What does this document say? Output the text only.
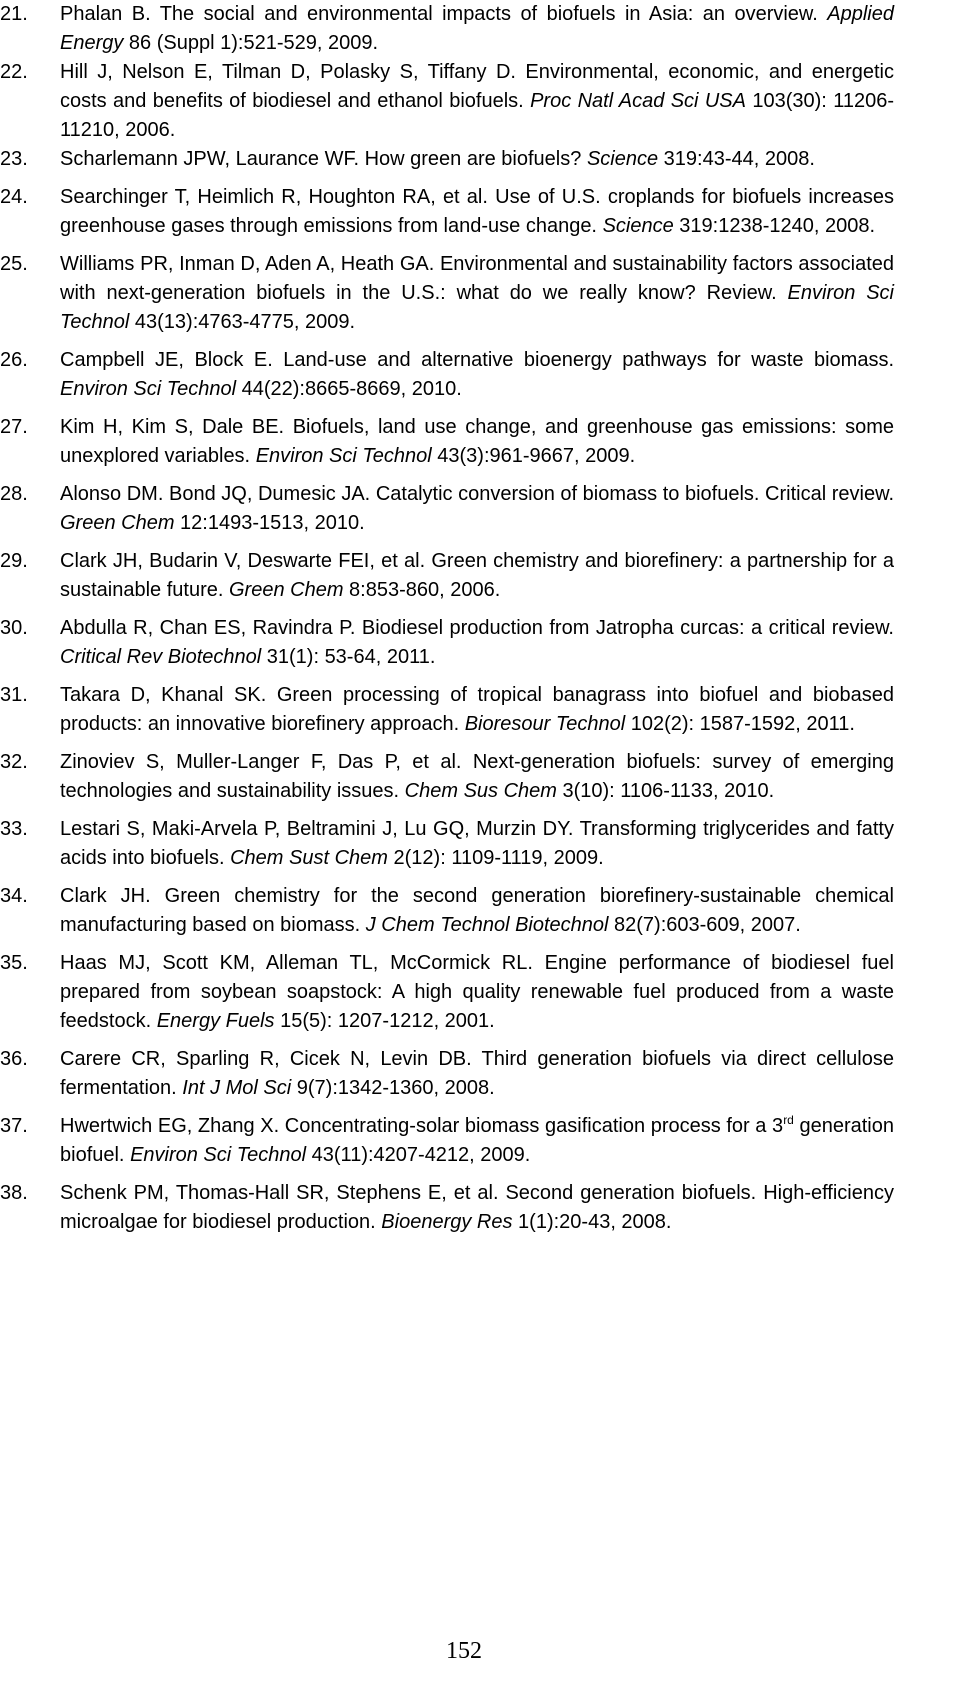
21. Phalan B. The social and environmental impacts of biofuels in Asia: an overview. Applied Energy 86 (Suppl 1):521-529, 2009.
22. Hill J, Nelson E, Tilman D, Polasky S, Tiffany D. Environmental, economic, and energetic costs and benefits of biodiesel and ethanol biofuels. Proc Natl Acad Sci USA 103(30): 11206-11210, 2006.
23. Scharlemann JPW, Laurance WF. How green are biofuels? Science 319:43-44, 2008.
24. Searchinger T, Heimlich R, Houghton RA, et al. Use of U.S. croplands for biofuels increases greenhouse gases through emissions from land-use change. Science 319:1238-1240, 2008.
25. Williams PR, Inman D, Aden A, Heath GA. Environmental and sustainability factors associated with next-generation biofuels in the U.S.: what do we really know? Review. Environ Sci Technol 43(13):4763-4775, 2009.
26. Campbell JE, Block E. Land-use and alternative bioenergy pathways for waste biomass. Environ Sci Technol 44(22):8665-8669, 2010.
27. Kim H, Kim S, Dale BE. Biofuels, land use change, and greenhouse gas emissions: some unexplored variables. Environ Sci Technol 43(3):961-9667, 2009.
28. Alonso DM. Bond JQ, Dumesic JA. Catalytic conversion of biomass to biofuels. Critical review. Green Chem 12:1493-1513, 2010.
29. Clark JH, Budarin V, Deswarte FEI, et al. Green chemistry and biorefinery: a partnership for a sustainable future. Green Chem 8:853-860, 2006.
30. Abdulla R, Chan ES, Ravindra P. Biodiesel production from Jatropha curcas: a critical review. Critical Rev Biotechnol 31(1): 53-64, 2011.
31. Takara D, Khanal SK. Green processing of tropical banagrass into biofuel and biobased products: an innovative biorefinery approach. Bioresour Technol 102(2): 1587-1592, 2011.
32. Zinoviev S, Muller-Langer F, Das P, et al. Next-generation biofuels: survey of emerging technologies and sustainability issues. Chem Sus Chem 3(10): 1106-1133, 2010.
33. Lestari S, Maki-Arvela P, Beltramini J, Lu GQ, Murzin DY. Transforming triglycerides and fatty acids into biofuels. Chem Sust Chem 2(12): 1109-1119, 2009.
34. Clark JH. Green chemistry for the second generation biorefinery-sustainable chemical manufacturing based on biomass. J Chem Technol Biotechnol 82(7):603-609, 2007.
35. Haas MJ, Scott KM, Alleman TL, McCormick RL. Engine performance of biodiesel fuel prepared from soybean soapstock: A high quality renewable fuel produced from a waste feedstock. Energy Fuels 15(5): 1207-1212, 2001.
36. Carere CR, Sparling R, Cicek N, Levin DB. Third generation biofuels via direct cellulose fermentation. Int J Mol Sci 9(7):1342-1360, 2008.
37. Hwertwich EG, Zhang X. Concentrating-solar biomass gasification process for a 3rd generation biofuel. Environ Sci Technol 43(11):4207-4212, 2009.
38. Schenk PM, Thomas-Hall SR, Stephens E, et al. Second generation biofuels. High-efficiency microalgae for biodiesel production. Bioenergy Res 1(1):20-43, 2008.
152
